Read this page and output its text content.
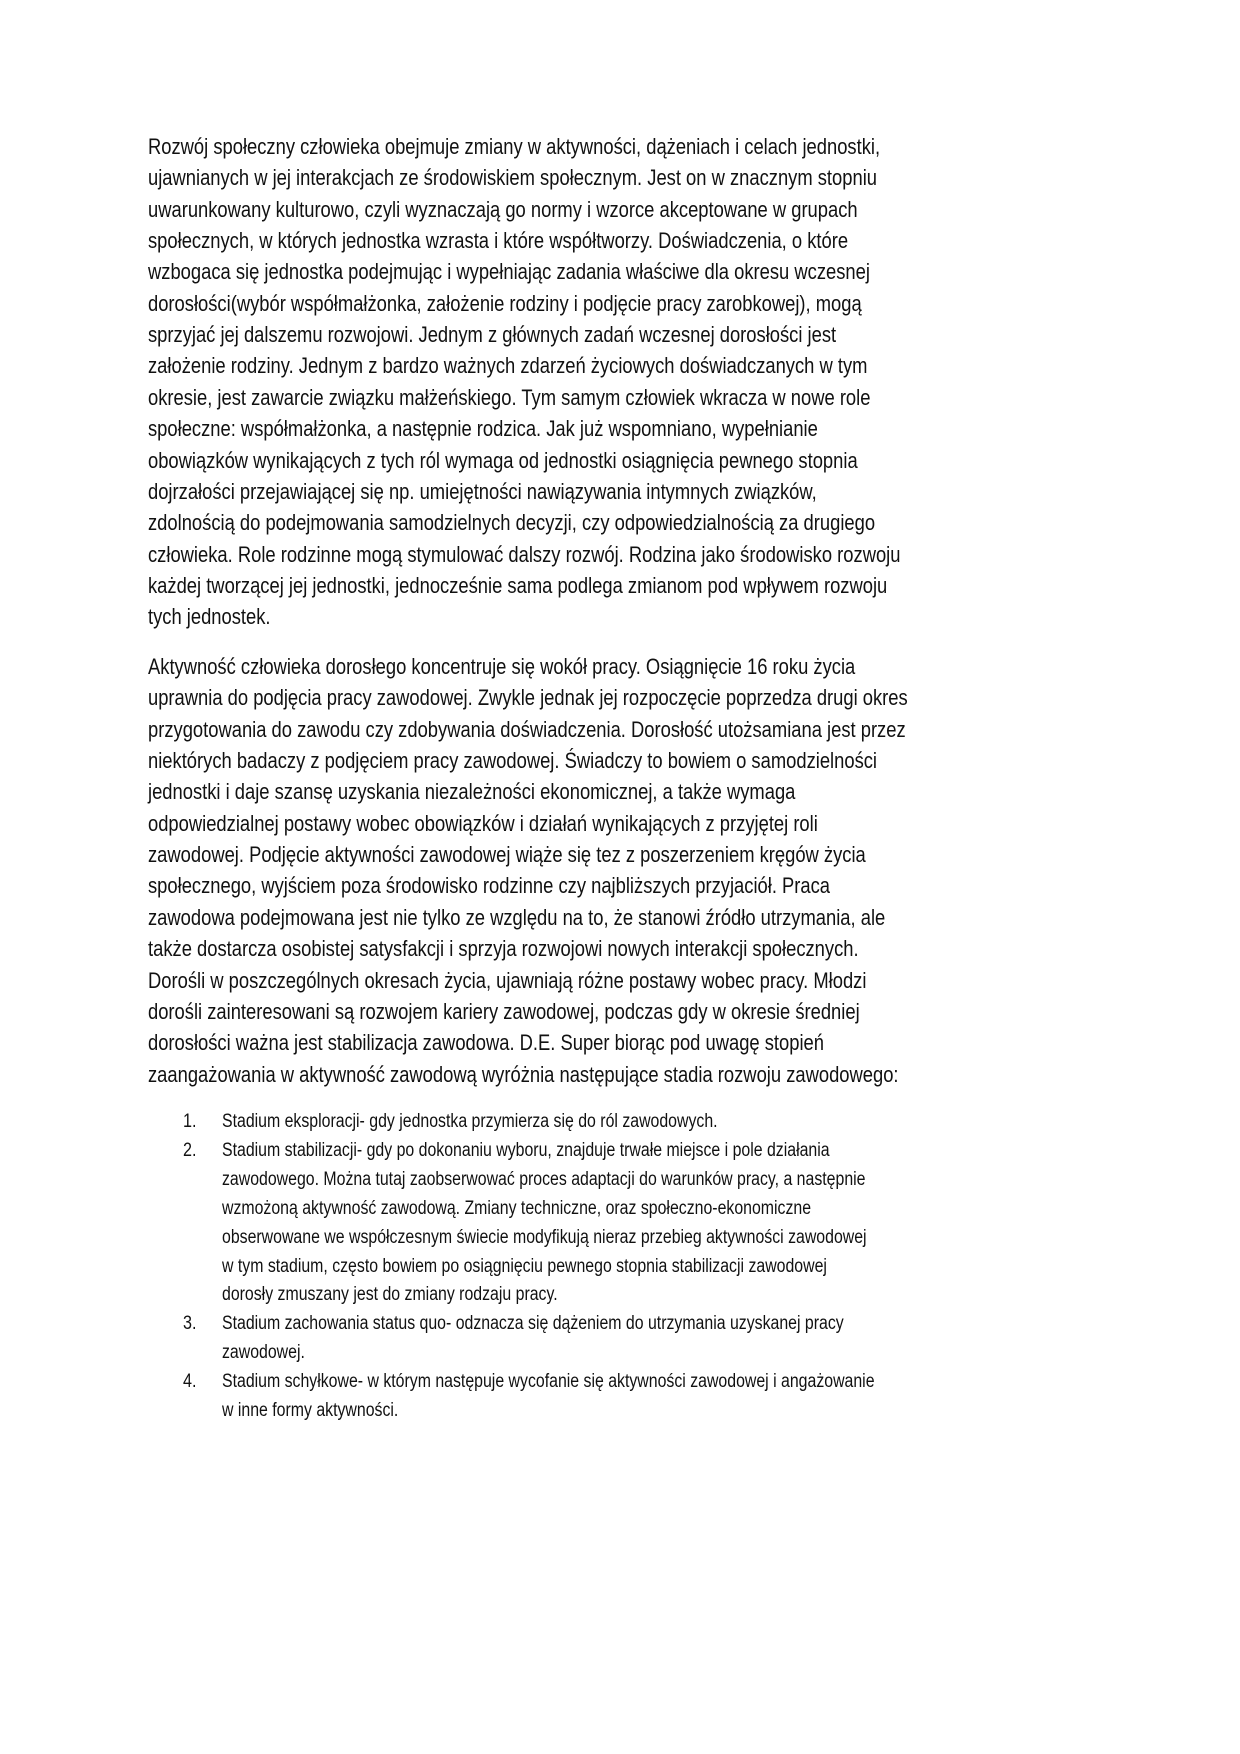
Rozwój społeczny człowieka obejmuje zmiany w aktywności, dążeniach i celach jednostki,
ujawnianych w jej interakcjach ze środowiskiem społecznym. Jest on w znacznym stopniu
uwarunkowany kulturowo, czyli wyznaczają go normy i wzorce akceptowane w grupach
społecznych, w których jednostka wzrasta i które współtworzy. Doświadczenia, o które
wzbogaca się jednostka podejmując i wypełniając zadania właściwe dla okresu wczesnej
dorosłości(wybór współmałżonka, założenie rodziny i podjęcie pracy zarobkowej), mogą
sprzyjać jej dalszemu rozwojowi. Jednym z głównych zadań wczesnej dorosłości jest
założenie rodziny. Jednym z bardzo ważnych zdarzeń życiowych doświadczanych w tym
okresie, jest zawarcie związku małżeńskiego. Tym samym człowiek wkracza w nowe role
społeczne: współmałżonka, a następnie rodzica. Jak już wspomniano, wypełnianie
obowiązków wynikających z tych ról wymaga od jednostki osiągnięcia pewnego stopnia
dojrzałości przejawiającej się np. umiejętności nawiązywania intymnych związków,
zdolnością do podejmowania samodzielnych decyzji, czy odpowiedzialnością za drugiego
człowieka. Role rodzinne mogą stymulować dalszy rozwój. Rodzina jako środowisko rozwoju
każdej tworzącej jej jednostki, jednocześnie sama podlega zmianom pod wpływem rozwoju
tych jednostek.
Aktywność człowieka dorosłego koncentruje się wokół pracy. Osiągnięcie 16 roku życia
uprawnia do podjęcia pracy zawodowej. Zwykle jednak jej rozpoczęcie poprzedza drugi okres
przygotowania do zawodu czy zdobywania doświadczenia. Dorosłość utożsamiana jest przez
niektórych badaczy z podjęciem pracy zawodowej. Świadczy to bowiem o samodzielności
jednostki i daje szansę uzyskania niezależności ekonomicznej, a także wymaga
odpowiedzialnej postawy wobec obowiązków i działań wynikających z przyjętej roli
zawodowej. Podjęcie aktywności zawodowej wiąże się tez z poszerzeniem kręgów życia
społecznego, wyjściem poza środowisko rodzinne czy najbliższych przyjaciół. Praca
zawodowa podejmowana jest nie tylko ze względu na to, że stanowi źródło utrzymania, ale
także dostarcza osobistej satysfakcji i sprzyja rozwojowi nowych interakcji społecznych.
Dorośli w poszczególnych okresach życia, ujawniają różne postawy wobec pracy. Młodzi
dorośli zainteresowani są rozwojem kariery zawodowej, podczas gdy w okresie średniej
dorosłości ważna jest stabilizacja zawodowa. D.E. Super biorąc pod uwagę stopień
zaangażowania w aktywność zawodową wyróżnia następujące stadia rozwoju zawodowego:
1. Stadium eksploracji- gdy jednostka przymierza się do ról zawodowych.
2. Stadium stabilizacji- gdy po dokonaniu wyboru, znajduje trwałe miejsce i pole działania
zawodowego. Można tutaj zaobserwować proces adaptacji do warunków pracy, a następnie
wzmożoną aktywność zawodową. Zmiany techniczne, oraz społeczno-ekonomiczne
obserwowane we współczesnym świecie modyfikują nieraz przebieg aktywności zawodowej
w tym stadium, często bowiem po osiągnięciu pewnego stopnia stabilizacji zawodowej
dorosły zmuszany jest do zmiany rodzaju pracy.
3. Stadium zachowania status quo- odznacza się dążeniem do utrzymania uzyskanej pracy
zawodowej.
4. Stadium schyłkowe- w którym następuje wycofanie się aktywności zawodowej i angażowanie
w inne formy aktywności.
